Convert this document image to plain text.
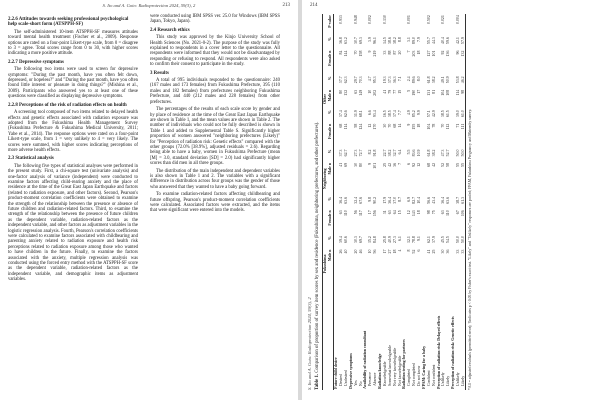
S. Ito and A. Goto: Radioprotection 2024, 59(3), 2	213
2.2.6 Attitudes towards seeking professional psychological help scale-short form (ATSPPH-SF)

The self-administered 10-item ATSPPH-SF measures attitudes toward mental health treatment (Fischer et al., 2009). Response options are rated on a four-point Likert-type scale, from 0 = disagree to 3 = agree. Total scores range from 0 to 30, with higher scores indicating a more positive attitude.

2.2.7 Depressive symptoms

The following two items were used to screen for depressive symptoms: "During the past month, have you often felt down, depressed, or hopeless?" and "During the past month, have you often found little interest or pleasure in doing things?" (Mishina et al., 2009). Participants who answered yes to at least one of these questions were classified as displaying depressive symptoms.

2.2.8 Perceptions of the risk of radiation effects on health

A screening tool composed of two items related to delayed health effects and genetic effects associated with radiation exposure was adopted from the Fukushima Health Management Survey (Fukushima Prefecture & Fukushima Medical University, 2011; Yabe et al., 2014). The response options were rated on a four-point Likert-type scale, from 1 = very unlikely to 4 = very likely. The scores were summed, with higher scores indicating perceptions of more adverse health effects.

2.3 Statistical analysis

The following five types of statistical analyses were performed in the present study. First, a chi-square test (univariate analysis) and one-factor analysis of variance (independent) were conducted to examine factors affecting child-rearing anxiety and the place of residence at the time of the Great East Japan Earthquake and factors (related to radiation exposure, and other factors). Second, Pearson's product-moment correlation coefficients were obtained to examine the strength of the relationship between the presence or absence of future children and radiation-related factors. Third, to examine the strength of the relationship between the presence of future children as the dependent variable, radiation-related factors as the independent variable, and other factors as adjustment variables in the logistic regression analysis. Fourth, Pearson's correlation coefficients were calculated to examine factors associated with childbearing and parenting anxiety related to radiation exposure and health risk perceptions related to radiation exposure among those who wanted to have children in the future. Finally, to examine the factors associated with the anxiety, multiple regression analysis was conducted using the forced entry method with the ATSPPH-SF score as the dependent variable, radiation-related factors as the independent variable, and demographic items as adjustment variables.

were conducted using IBM SPSS ver. 25.0 for Windows (IBM SPSS Japan, Tokyo, Japan).

2.4 Research ethics

This study was approved by the Kinjo University School of Health Sciences (No. 2021-0-2). The purpose of the study was fully explained to respondents in a cover letter to the questionnaire. All respondents were informed that they would not be disadvantaged by responding or refusing to respond. All respondents were also asked to confirm their consent to participate in the study.

3 Results

A total of 995 individuals responded to the questionnaire: 240 (167 males and 173 females) from Fukushima Prefecture, 395 (110 males and 182 females) from prefectures neighboring Fukushima Prefecture, and 440 (212 males and 228 females) from other prefectures.

The percentages of the results of each scale score by gender and by place of residence at the time of the Great East Japan Earthquake are shown in Table 1, and the mean values are shown in Table 2. The number of individuals who could not be fully described is shown in Table 1 and added to Supplemental Table S. Significantly higher proportion of women answered "neighboring prefectures (Likely)" for "Perception of radiation risk: Genetic effects" compared with the other groups (72.0% [38.9%], adjusted residuals = 2.6). Regarding being able to have a baby, women in Fukushima Prefecture (mean [M] = 3.0, standard deviation [SD] = 2.0) had significantly higher scores than did men in all three groups.

The distribution of the main independent and dependent variables is also shown in Table 1 and 2. The variables with a significant difference in distribution across four groups was the gender of those who answered that they wanted to have a baby going forward.

To examine radiation-related factors affecting childbearing and future offspring, Pearson's product-moment correlation coefficients were calculated. Associated factors were extracted, and the items that were significant were entered into the models.

214
S. Ito and A. Goto: Radioprotection 2024, 59(3), 2 Table 1. Comparison of proportion of survey item scores by sex and residence (Fukushima, neighboring prefectures, and other prefectures).
	Fukushima				Neighboring				Other				
	Male n	%	Female n	%	Male n	%	Female n	%	Male n	%	Female n	%	P-value
Future child desire													
Desired	26	39.4	63	36.4	41	37.3	68	37.4	80	37.7	84	36.8	0.933
Undesired	40	60.6	110	63.6	69	62.7	114	62.6	132	62.3	144	63.2	
Depressive symptoms													
Yes	20	30.3	56	32.4	30	27.3	58	31.9	63	29.7	70	30.7	0.948
No	46	69.7	117	67.6	80	72.7	124	68.1	149	70.3	158	69.3	
Availability of radiation consultant													
Presence	10	15.2	17	9.8	9	8.2	12	6.6	10	4.7	9	3.9	0.002
Absence	56	84.8	156	90.2	101	91.8	170	93.4	202	95.3	219	96.1	
Radiation knowledge													
Knowledgeable	17	25.8	31	17.9	25	22.7	30	16.5	41	19.3	33	14.5	0.130
Somewhat knowledgeable	27	40.9	63	36.4	42	38.2	70	38.5	79	37.3	88	38.6	
Not very knowledgeable	18	27.3	64	37.0	36	32.7	68	37.4	77	36.3	87	38.2	
Not knowledgeable	4	6.1	15	8.7	7	6.4	14	7.7	15	7.1	20	8.8	
Radiation testing for partners													
Completed	8	12.1	12	6.9	6	5.5	9	4.9	5	2.4	7	3.1	0.001
Not completed	52	78.8	143	82.7	92	83.6	155	85.2	190	89.6	203	89.0	
Do not know	6	9.1	18	10.4	12	10.9	18	9.9	17	8.0	18	7.9	
FPAM: Caring for a baby													
Confident	41	62.1	98	56.6	68	61.8	104	57.1	131	61.8	127	55.7	0.502
Not confident	25	37.9	75	43.4	42	38.2	78	42.9	81	38.2	101	44.3	
Perception of radiation risk: Delayed effects													
Unlikely	30	45.5	63	36.4	52	47.3	70	38.5	104	49.1	92	40.4	0.021
Likely	36	54.5	110	63.6	58	52.7	112	61.5	108	50.9	136	59.6	
Perception of radiation risk: Genetic effects													
Unlikely	33	50.0	67	38.7	55	50.0	71	39.0	114	53.8	96	42.1	0.004
Likely	33	50.0	106	61.3	55	50.0	111	61.0	98	46.2	132	57.9	
*All = adjusted residuals (permitted error); †Indicates p < 0.05 by Fisher's exact test. "Likely" and "Unlikely" responses are pooled; FPAM, Fukushima Pregnancy and Maternity survey.
